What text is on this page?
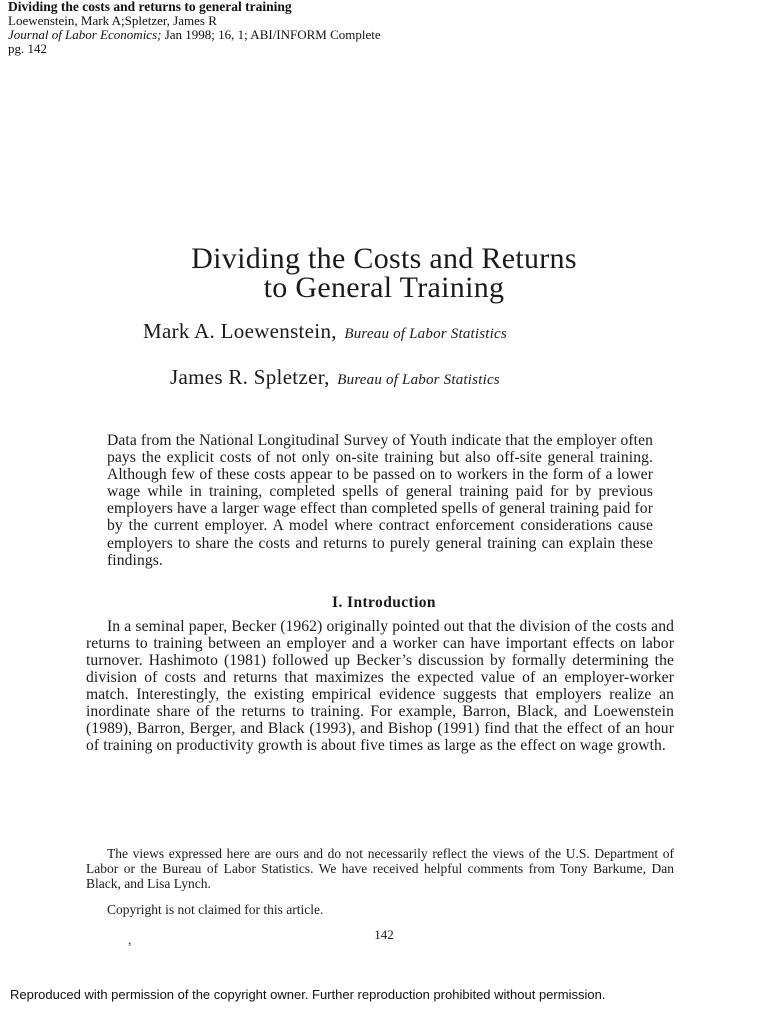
Dividing the costs and returns to general training
Loewenstein, Mark A;Spletzer, James R
Journal of Labor Economics; Jan 1998; 16, 1; ABI/INFORM Complete
pg. 142
Dividing the Costs and Returns
to General Training
Mark A. Loewenstein, Bureau of Labor Statistics
James R. Spletzer, Bureau of Labor Statistics
Data from the National Longitudinal Survey of Youth indicate that the employer often pays the explicit costs of not only on-site training but also off-site general training. Although few of these costs appear to be passed on to workers in the form of a lower wage while in training, completed spells of general training paid for by previous employers have a larger wage effect than completed spells of general training paid for by the current employer. A model where contract enforcement considerations cause employers to share the costs and returns to purely general training can explain these findings.
I. Introduction

In a seminal paper, Becker (1962) originally pointed out that the division of the costs and returns to training between an employer and a worker can have important effects on labor turnover. Hashimoto (1981) followed up Becker’s discussion by formally determining the division of costs and returns that maximizes the expected value of an employer-worker match. Interestingly, the existing empirical evidence suggests that employers realize an inordinate share of the returns to training. For example, Barron, Black, and Loewenstein (1989), Barron, Berger, and Black (1993), and Bishop (1991) find that the effect of an hour of training on productivity growth is about five times as large as the effect on wage growth.

The views expressed here are ours and do not necessarily reflect the views of the U.S. Department of Labor or the Bureau of Labor Statistics. We have received helpful comments from Tony Barkume, Dan Black, and Lisa Lynch.

Copyright is not claimed for this article.
,	142
Reproduced with permission of the copyright owner. Further reproduction prohibited without permission.
